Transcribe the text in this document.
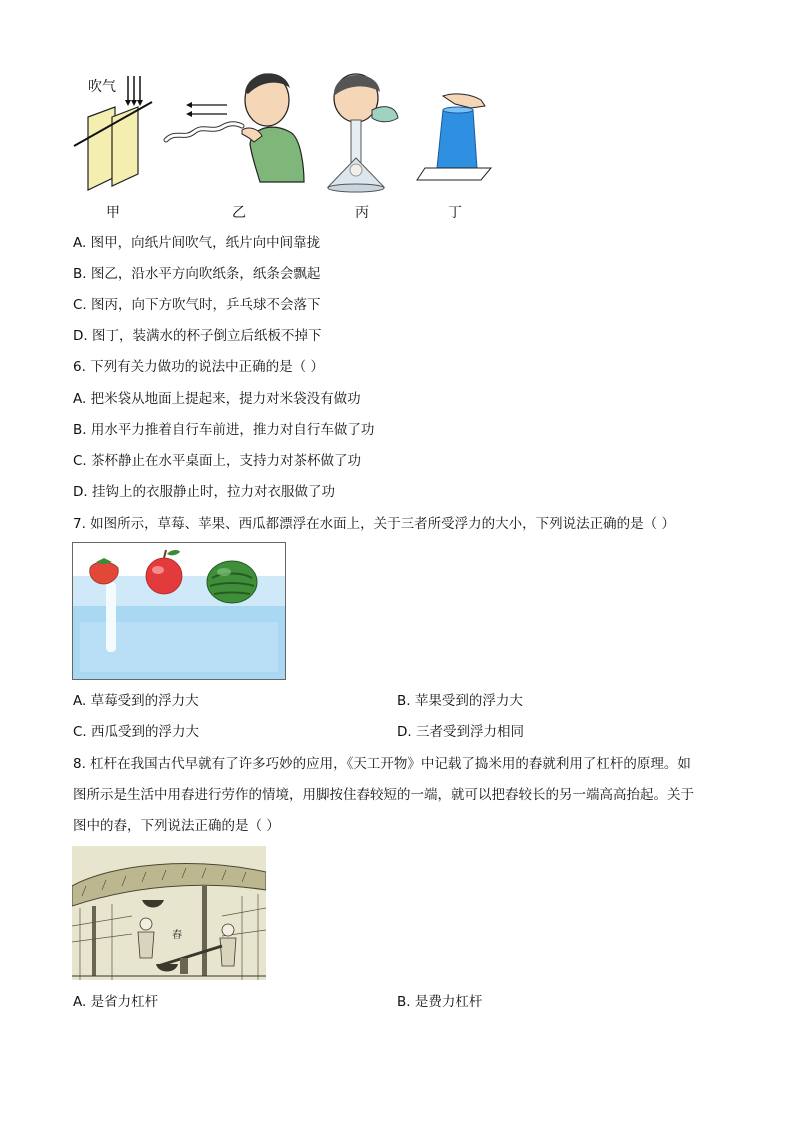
吹气
甲	乙	丙	丁
A. 图甲，向纸片间吹气，纸片向中间靠拢
B. 图乙，沿水平方向吹纸条，纸条会飘起
C. 图丙，向下方吹气时，乒乓球不会落下
D. 图丁，装满水的杯子倒立后纸板不掉下
6. 下列有关力做功的说法中正确的是（ ）
A. 把米袋从地面上提起来，提力对米袋没有做功
B. 用水平力推着自行车前进，推力对自行车做了功
C. 茶杯静止在水平桌面上，支持力对茶杯做了功
D. 挂钩上的衣服静止时，拉力对衣服做了功
7. 如图所示，草莓、苹果、西瓜都漂浮在水面上，关于三者所受浮力的大小，下列说法正确的是（ ）
A. 草莓受到的浮力大	B. 苹果受到的浮力大
C. 西瓜受到的浮力大	D. 三者受到浮力相同
8. 杠杆在我国古代早就有了许多巧妙的应用，《天工开物》中记载了捣米用的舂就利用了杠杆的原理。如
图所示是生活中用舂进行劳作的情境，用脚按住舂较短的一端，就可以把舂较长的另一端高高抬起。关于
图中的舂，下列说法正确的是（ ）
舂
A. 是省力杠杆	B. 是费力杠杆
